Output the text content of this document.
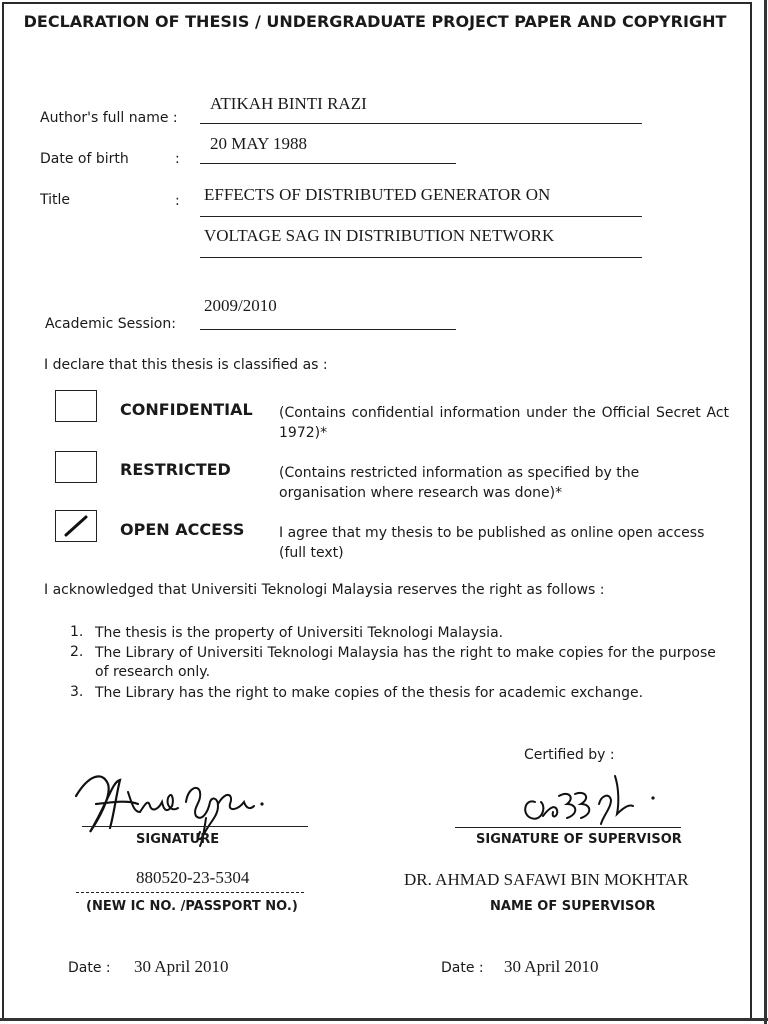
DECLARATION OF THESIS / UNDERGRADUATE PROJECT PAPER AND COPYRIGHT
Author's full name :
ATIKAH BINTI RAZI
Date of birth	:
20 MAY 1988
Title	: EFFECTS OF DISTRIBUTED GENERATOR ON
VOLTAGE SAG IN DISTRIBUTION NETWORK
2009/2010
Academic Session:
I declare that this thesis is classified as :
CONFIDENTIAL (Contains confidential information under the Official Secret Act 1972)*
RESTRICTED	(Contains restricted information as specified by the organisation where research was done)*
OPEN ACCESS I agree that my thesis to be published as online open access (full text)
I acknowledged that Universiti Teknologi Malaysia reserves the right as follows :
1. The thesis is the property of Universiti Teknologi Malaysia.
2. The Library of Universiti Teknologi Malaysia has the right to make copies for the purpose of research only.
3. The Library has the right to make copies of the thesis for academic exchange.
Certified by :
SIGNATURE	SIGNATURE OF SUPERVISOR
880520-23-5304
(NEW IC NO. /PASSPORT NO.)
DR. AHMAD SAFAWI BIN MOKHTAR
NAME OF SUPERVISOR
Date : 30 April 2010	Date : 30 April 2010
